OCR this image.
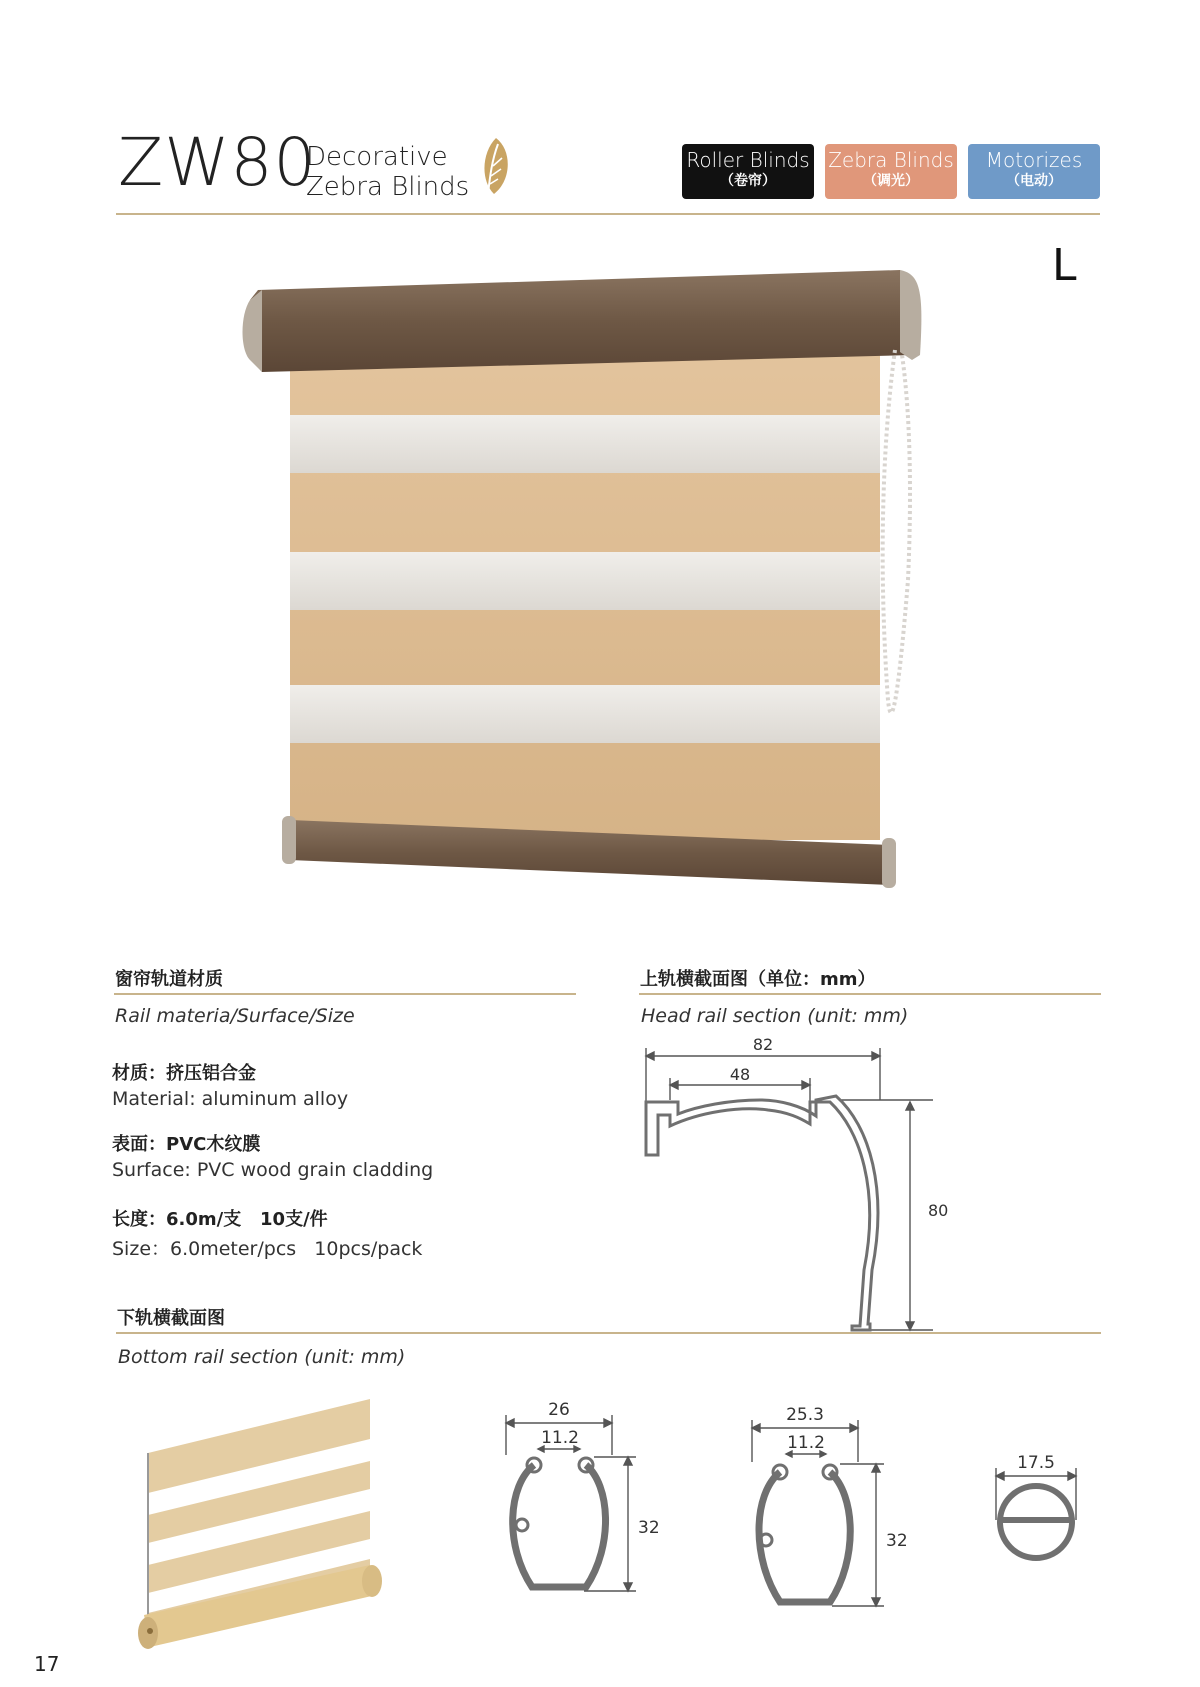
ZW80
Decorative
Zebra Blinds
Roller Blinds
（卷帘）
Zebra Blinds
（调光）
Motorizes
（电动）
L
窗帘轨道材质
Rail materia/Surface/Size
材质：挤压铝合金
Material: aluminum alloy
表面：PVC木纹膜
Surface: PVC wood grain cladding
长度：6.0m/支   10支/件
Size：6.0meter/pcs   10pcs/pack
上轨横截面图（单位：mm）
Head rail section (unit: mm)
82
48
80
下轨横截面图
Bottom rail section (unit: mm)
26
11.2
32
25.3
11.2
32
17.5
17
